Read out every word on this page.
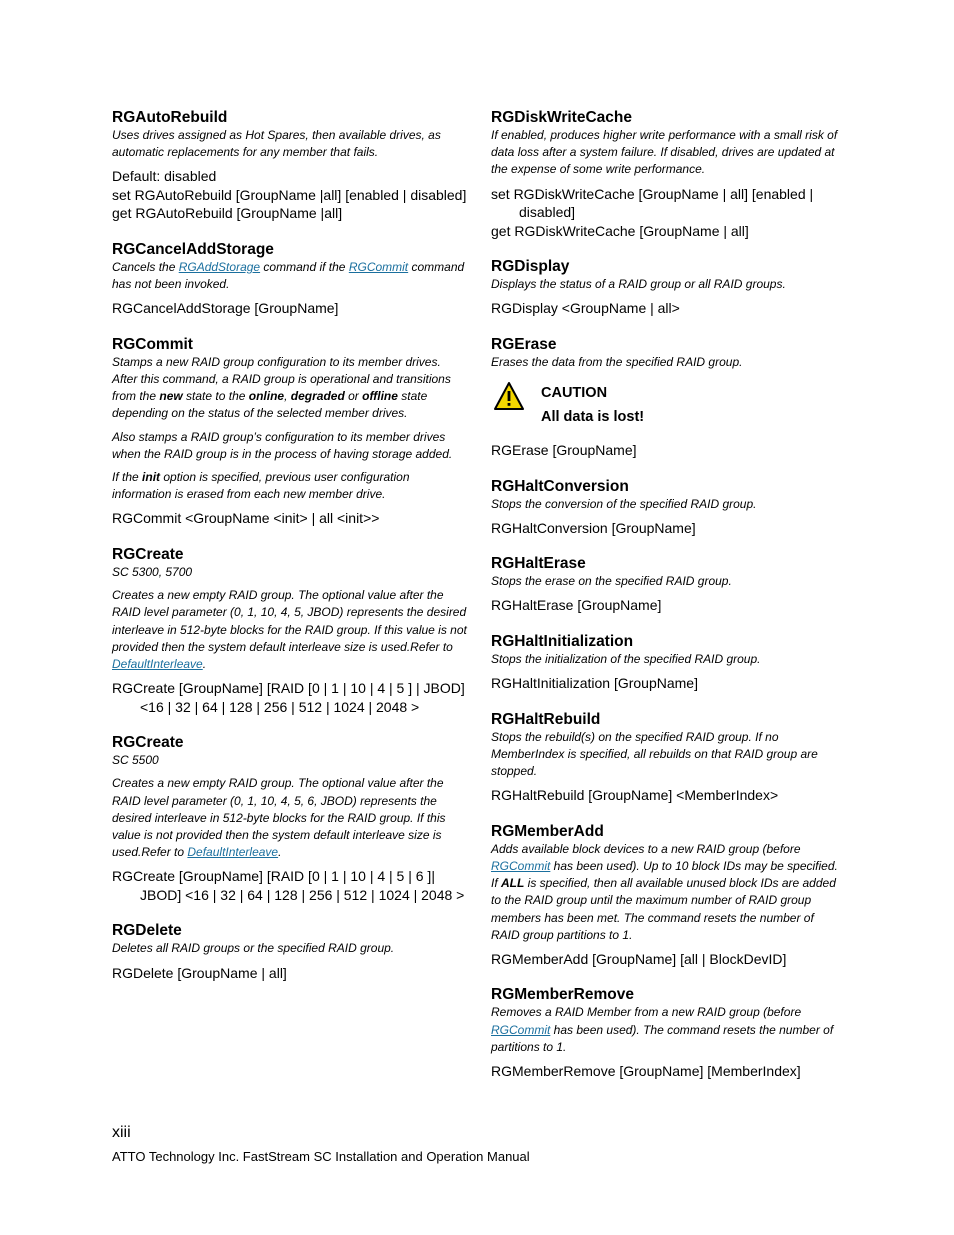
RGAutoRebuild

Uses drives assigned as Hot Spares, then available drives, as automatic replacements for any member that fails.

Default: disabled

set RGAutoRebuild [GroupName |all] [enabled | disabled]

get RGAutoRebuild [GroupName |all]

RGCancelAddStorage

Cancels the RGAddStorage command if the RGCommit command has not been invoked.

RGCancelAddStorage [GroupName]

RGCommit

Stamps a new RAID group configuration to its member drives. After this command, a RAID group is operational and transitions from the new state to the online, degraded or offline state depending on the status of the selected member drives.

Also stamps a RAID group’s configuration to its member drives when the RAID group is in the process of having storage added.

If the init option is specified, previous user configuration information is erased from each new member drive.

RGCommit <GroupName <init> | all <init>>

RGCreate

SC 5300, 5700

Creates a new empty RAID group. The optional value after the RAID level parameter (0, 1, 10, 4, 5, JBOD) represents the desired interleave in 512-byte blocks for the RAID group. If this value is not provided then the system default interleave size is used.Refer to DefaultInterleave.

RGCreate [GroupName] [RAID [0 | 1 | 10 | 4 | 5 ] | JBOD] <16 | 32 | 64 | 128 | 256 | 512 | 1024 | 2048 >

RGCreate

SC 5500

Creates a new empty RAID group. The optional value after the RAID level parameter (0, 1, 10, 4, 5, 6, JBOD) represents the desired interleave in 512-byte blocks for the RAID group. If this value is not provided then the system default interleave size is used.Refer to DefaultInterleave.

RGCreate [GroupName] [RAID [0 | 1 | 10 | 4 | 5 | 6 ]| JBOD] <16 | 32 | 64 | 128 | 256 | 512 | 1024 | 2048 >

RGDelete

Deletes all RAID groups or the specified RAID group.

RGDelete [GroupName | all]

RGDiskWriteCache

If enabled, produces higher write performance with a small risk of data loss after a system failure. If disabled, drives are updated at the expense of some write performance.

set RGDiskWriteCache [GroupName | all] [enabled | disabled]

get RGDiskWriteCache [GroupName | all]

RGDisplay

Displays the status of a RAID group or all RAID groups.

RGDisplay <GroupName | all>

RGErase

Erases the data from the specified RAID group.

CAUTION
All data is lost!

RGErase [GroupName]

RGHaltConversion

Stops the conversion of the specified RAID group.

RGHaltConversion [GroupName]

RGHaltErase

Stops the erase on the specified RAID group.

RGHaltErase [GroupName]

RGHaltInitialization

Stops the initialization of the specified RAID group.

RGHaltInitialization [GroupName]

RGHaltRebuild

Stops the rebuild(s) on the specified RAID group. If no MemberIndex is specified, all rebuilds on that RAID group are stopped.

RGHaltRebuild [GroupName] <MemberIndex>

RGMemberAdd

Adds available block devices to a new RAID group (before RGCommit has been used). Up to 10 block IDs may be specified. If ALL is specified, then all available unused block IDs are added to the RAID group until the maximum number of RAID group members has been met. The command resets the number of RAID group partitions to 1.

RGMemberAdd [GroupName] [all | BlockDevID]

RGMemberRemove

Removes a RAID Member from a new RAID group (before RGCommit has been used). The command resets the number of partitions to 1.

RGMemberRemove [GroupName] [MemberIndex]

xiii
ATTO Technology Inc. FastStream SC Installation and Operation Manual
